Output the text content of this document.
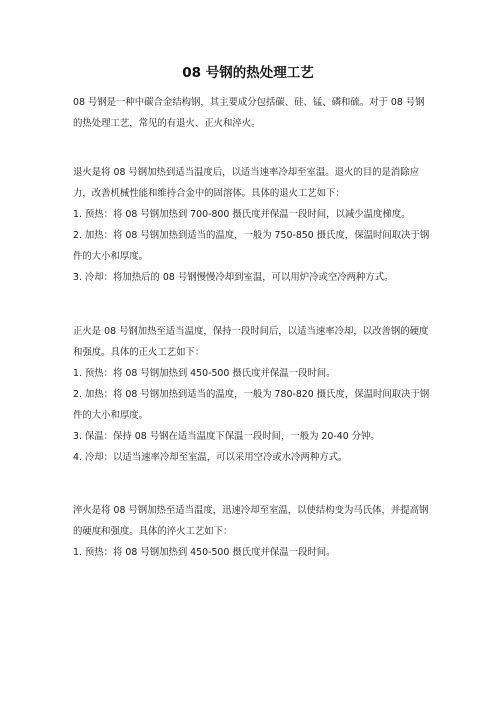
08 号钢的热处理工艺

08 号钢是一种中碳合金结构钢，其主要成分包括碳、硅、锰、磷和硫。对于 08 号钢的热处理工艺，常见的有退火、正火和淬火。

退火是将 08 号钢加热到适当温度后，以适当速率冷却至室温。退火的目的是消除应力，改善机械性能和维持合金中的固溶体。具体的退火工艺如下：

1. 预热：将 08 号钢加热到 700-800 摄氏度并保温一段时间，以减少温度梯度。

2. 加热：将 08 号钢加热到适当的温度，一般为 750-850 摄氏度，保温时间取决于钢件的大小和厚度。

3. 冷却：将加热后的 08 号钢慢慢冷却到室温，可以用炉冷或空冷两种方式。

正火是 08 号钢加热至适当温度，保持一段时间后，以适当速率冷却，以改善钢的硬度和强度。具体的正火工艺如下：

1. 预热：将 08 号钢加热到 450-500 摄氏度并保温一段时间。

2. 加热：将 08 号钢加热到适当的温度，一般为 780-820 摄氏度，保温时间取决于钢件的大小和厚度。

3. 保温：保持 08 号钢在适当温度下保温一段时间，一般为 20-40 分钟。

4. 冷却：以适当速率冷却至室温，可以采用空冷或水冷两种方式。

淬火是将 08 号钢加热至适当温度，迅速冷却至室温，以使结构变为马氏体，并提高钢的硬度和强度。具体的淬火工艺如下：

1. 预热：将 08 号钢加热到 450-500 摄氏度并保温一段时间。
